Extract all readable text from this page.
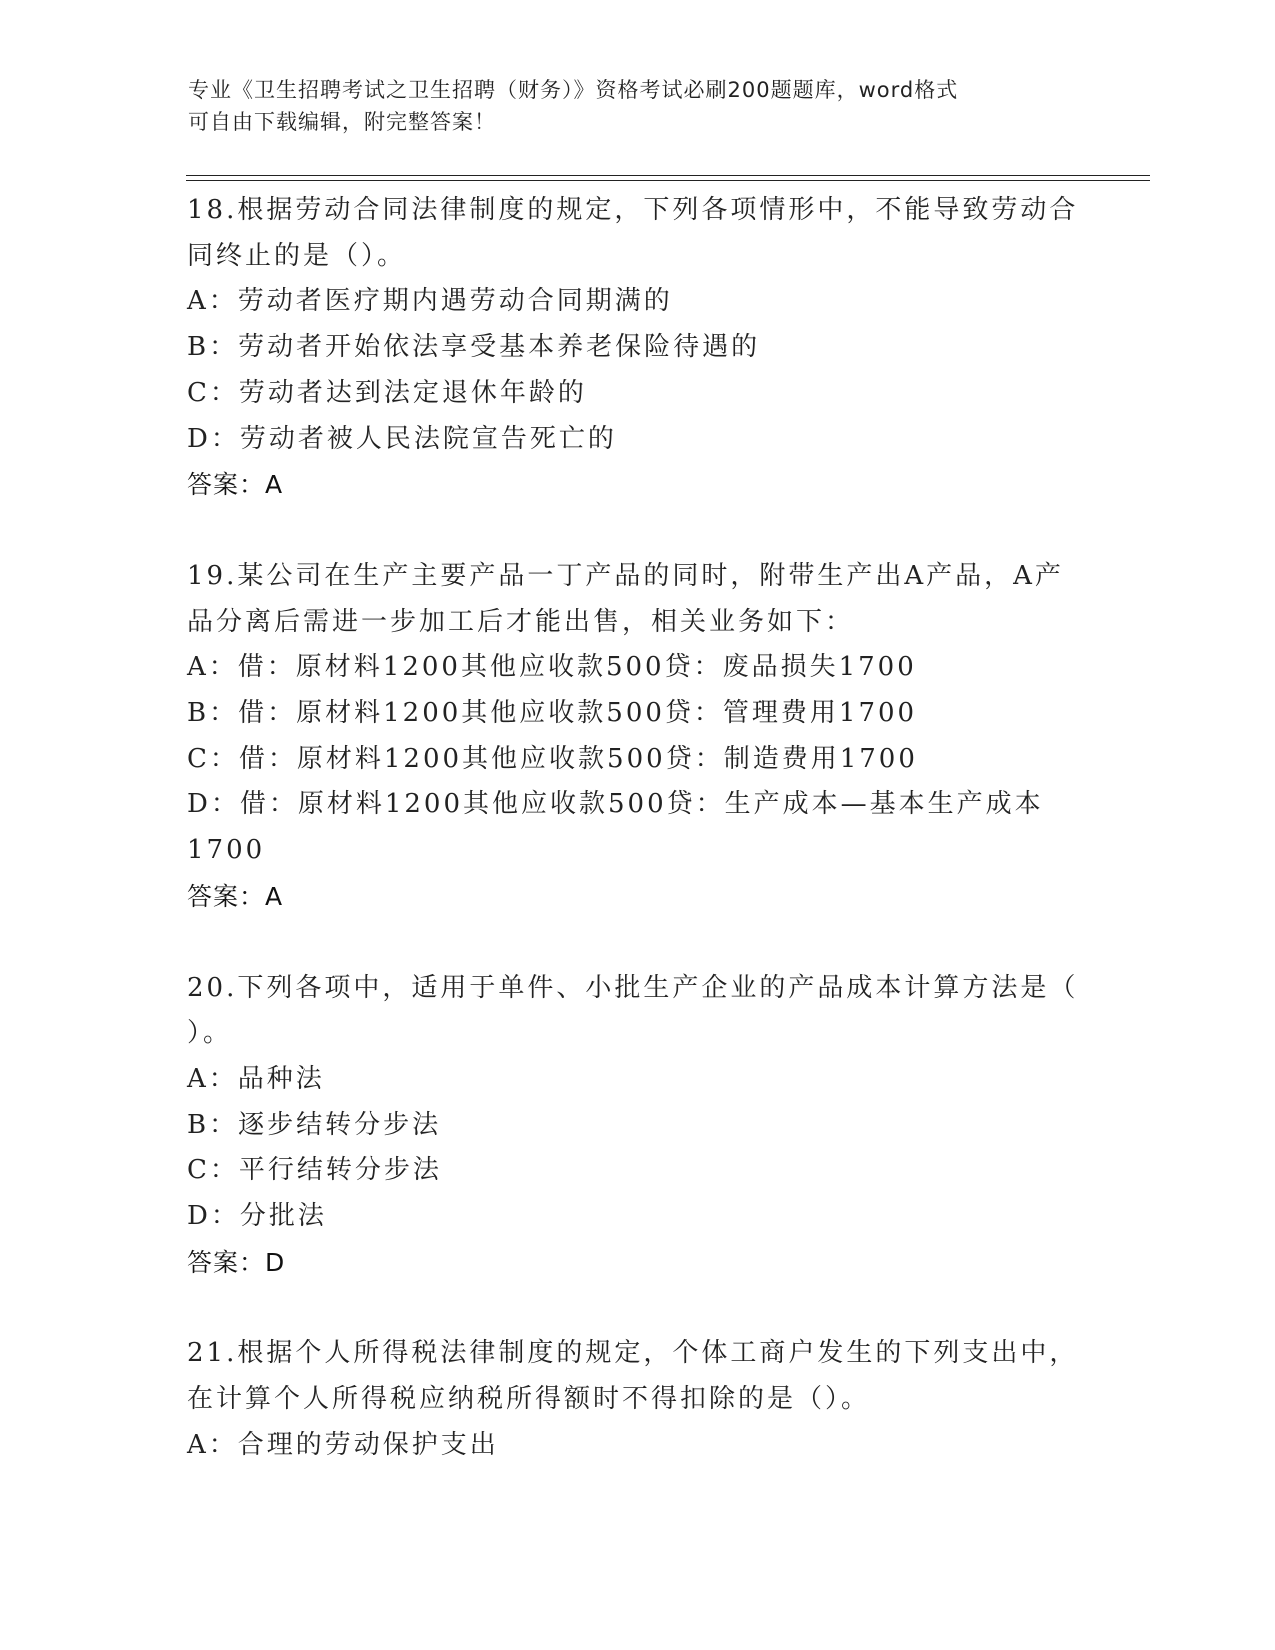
专业《卫生招聘考试之卫生招聘（财务）》资格考试必刷200题题库，word格式
可自由下载编辑，附完整答案！

18.根据劳动合同法律制度的规定，下列各项情形中，不能导致劳动合

同终止的是（）。

A：劳动者医疗期内遇劳动合同期满的

B：劳动者开始依法享受基本养老保险待遇的

C：劳动者达到法定退休年龄的

D：劳动者被人民法院宣告死亡的

答案：A

19.某公司在生产主要产品一丁产品的同时，附带生产出A产品，A产

品分离后需进一步加工后才能出售，相关业务如下：

A：借：原材料1200其他应收款500贷：废品损失1700

B：借：原材料1200其他应收款500贷：管理费用1700

C：借：原材料1200其他应收款500贷：制造费用1700

D：借：原材料1200其他应收款500贷：生产成本—基本生产成本

1700

答案：A

20.下列各项中，适用于单件、小批生产企业的产品成本计算方法是（

）。

A：品种法

B：逐步结转分步法

C：平行结转分步法

D：分批法

答案：D

21.根据个人所得税法律制度的规定，个体工商户发生的下列支出中，

在计算个人所得税应纳税所得额时不得扣除的是（）。

A：合理的劳动保护支出
